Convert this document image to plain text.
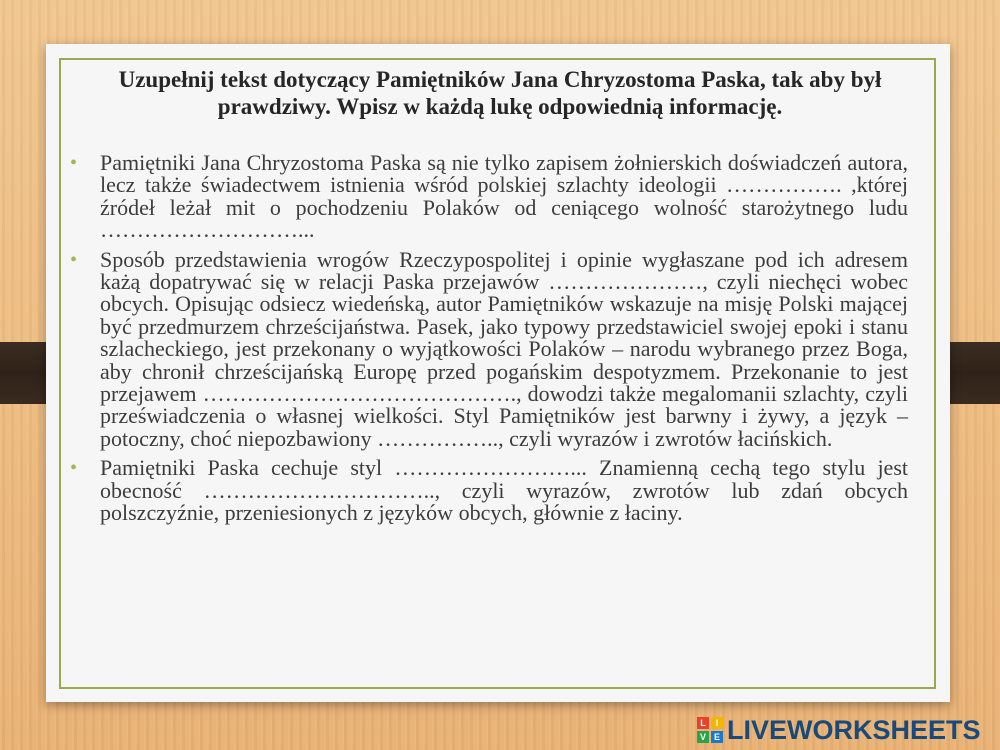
Uzupełnij tekst dotyczący Pamiętników Jana Chryzostoma Paska, tak aby był prawdziwy. Wpisz w każdą lukę odpowiednią informację.
• Pamiętniki Jana Chryzostoma Paska są nie tylko zapisem żołnierskich doświadczeń autora, lecz także świadectwem istnienia wśród polskiej szlachty ideologii ……………. ,której źródeł leżał mit o pochodzeniu Polaków od ceniącego wolność starożytnego ludu ………………………...
• Sposób przedstawienia wrogów Rzeczypospolitej i opinie wygłaszane pod ich adresem każą dopatrywać się w relacji Paska przejawów …………………, czyli niechęci wobec obcych. Opisując odsiecz wiedeńską, autor Pamiętników wskazuje na misję Polski mającej być przedmurzem chrześcijaństwa. Pasek, jako typowy przedstawiciel swojej epoki i stanu szlacheckiego, jest przekonany o wyjątkowości Polaków – narodu wybranego przez Boga, aby chronił chrześcijańską Europę przed pogańskim despotyzmem. Przekonanie to jest przejawem ……………………………………., dowodzi także megalomanii szlachty, czyli przeświadczenia o własnej wielkości. Styl Pamiętników jest barwny i żywy, a język – potoczny, choć niepozbawiony …………….., czyli wyrazów i zwrotów łacińskich.
• Pamiętniki Paska cechuje styl ……………………... Znamienną cechą tego stylu jest obecność ………………………….., czyli wyrazów, zwrotów lub zdań obcych polszczyźnie, przeniesionych z języków obcych, głównie z łaciny.
L	I
V E LIVEWORKSHEETS
